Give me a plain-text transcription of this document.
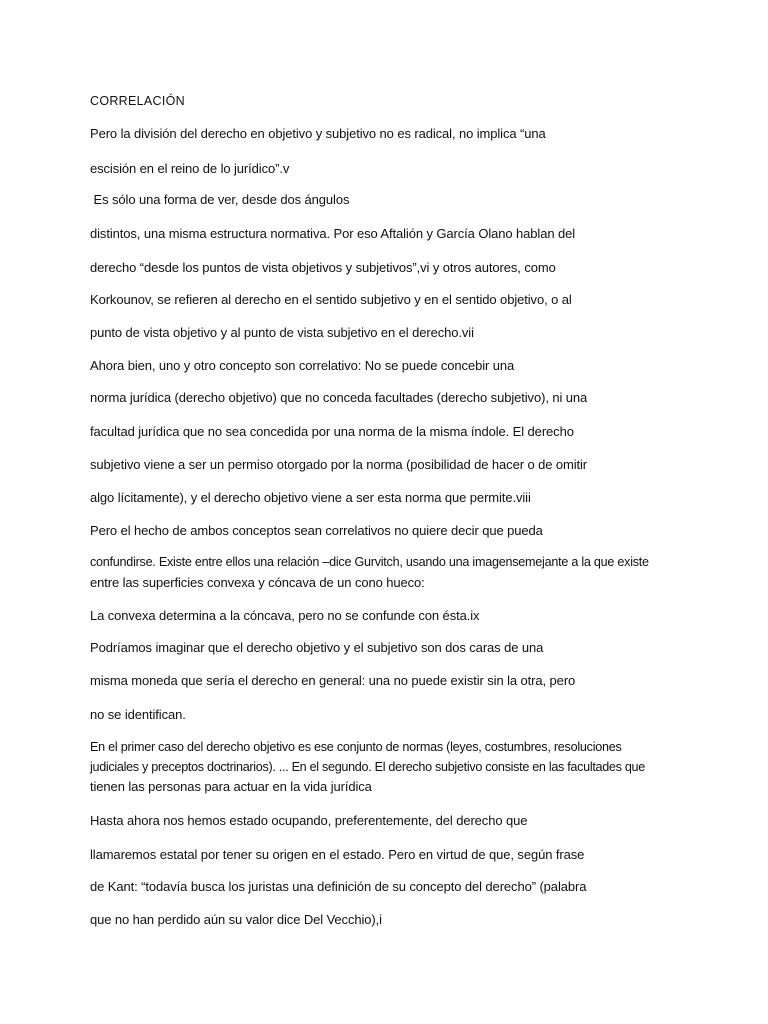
CORRELACIÓN

Pero la división del derecho en objetivo y subjetivo no es radical, no implica “una

escisión en el reino de lo jurídico”.v

Es sólo una forma de ver, desde dos ángulos

distintos, una misma estructura normativa. Por eso Aftalión y García Olano hablan del

derecho “desde los puntos de vista objetivos y subjetivos”,vi y otros autores, como

Korkounov, se refieren al derecho en el sentido subjetivo y en el sentido objetivo, o al

punto de vista objetivo y al punto de vista subjetivo en el derecho.vii

Ahora bien, uno y otro concepto son correlativo: No se puede concebir una

norma jurídica (derecho objetivo) que no conceda facultades (derecho subjetivo), ni una

facultad jurídica que no sea concedida por una norma de la misma índole. El derecho

subjetivo viene a ser un permiso otorgado por la norma (posibilidad de hacer o de omitir

algo lícitamente), y el derecho objetivo viene a ser esta norma que permite.viii

Pero el hecho de ambos conceptos sean correlativos no quiere decir que pueda

confundirse. Existe entre ellos una relación –dice Gurvitch, usando una imagensemejante a la que existe

entre las superficies convexa y cóncava de un cono hueco:

La convexa determina a la cóncava, pero no se confunde con ésta.ix

Podríamos imaginar que el derecho objetivo y el subjetivo son dos caras de una

misma moneda que sería el derecho en general: una no puede existir sin la otra, pero

no se identifican.

En el primer caso del derecho objetivo es ese conjunto de normas (leyes, costumbres, resoluciones

judiciales y preceptos doctrinarios). ... En el segundo. El derecho subjetivo consiste en las facultades que

tienen las personas para actuar en la vida jurídica

Hasta ahora nos hemos estado ocupando, preferentemente, del derecho que

llamaremos estatal por tener su origen en el estado. Pero en virtud de que, según frase

de Kant: “todavía busca los juristas una definición de su concepto del derecho” (palabra

que no han perdido aún su valor dice Del Vecchio),i
